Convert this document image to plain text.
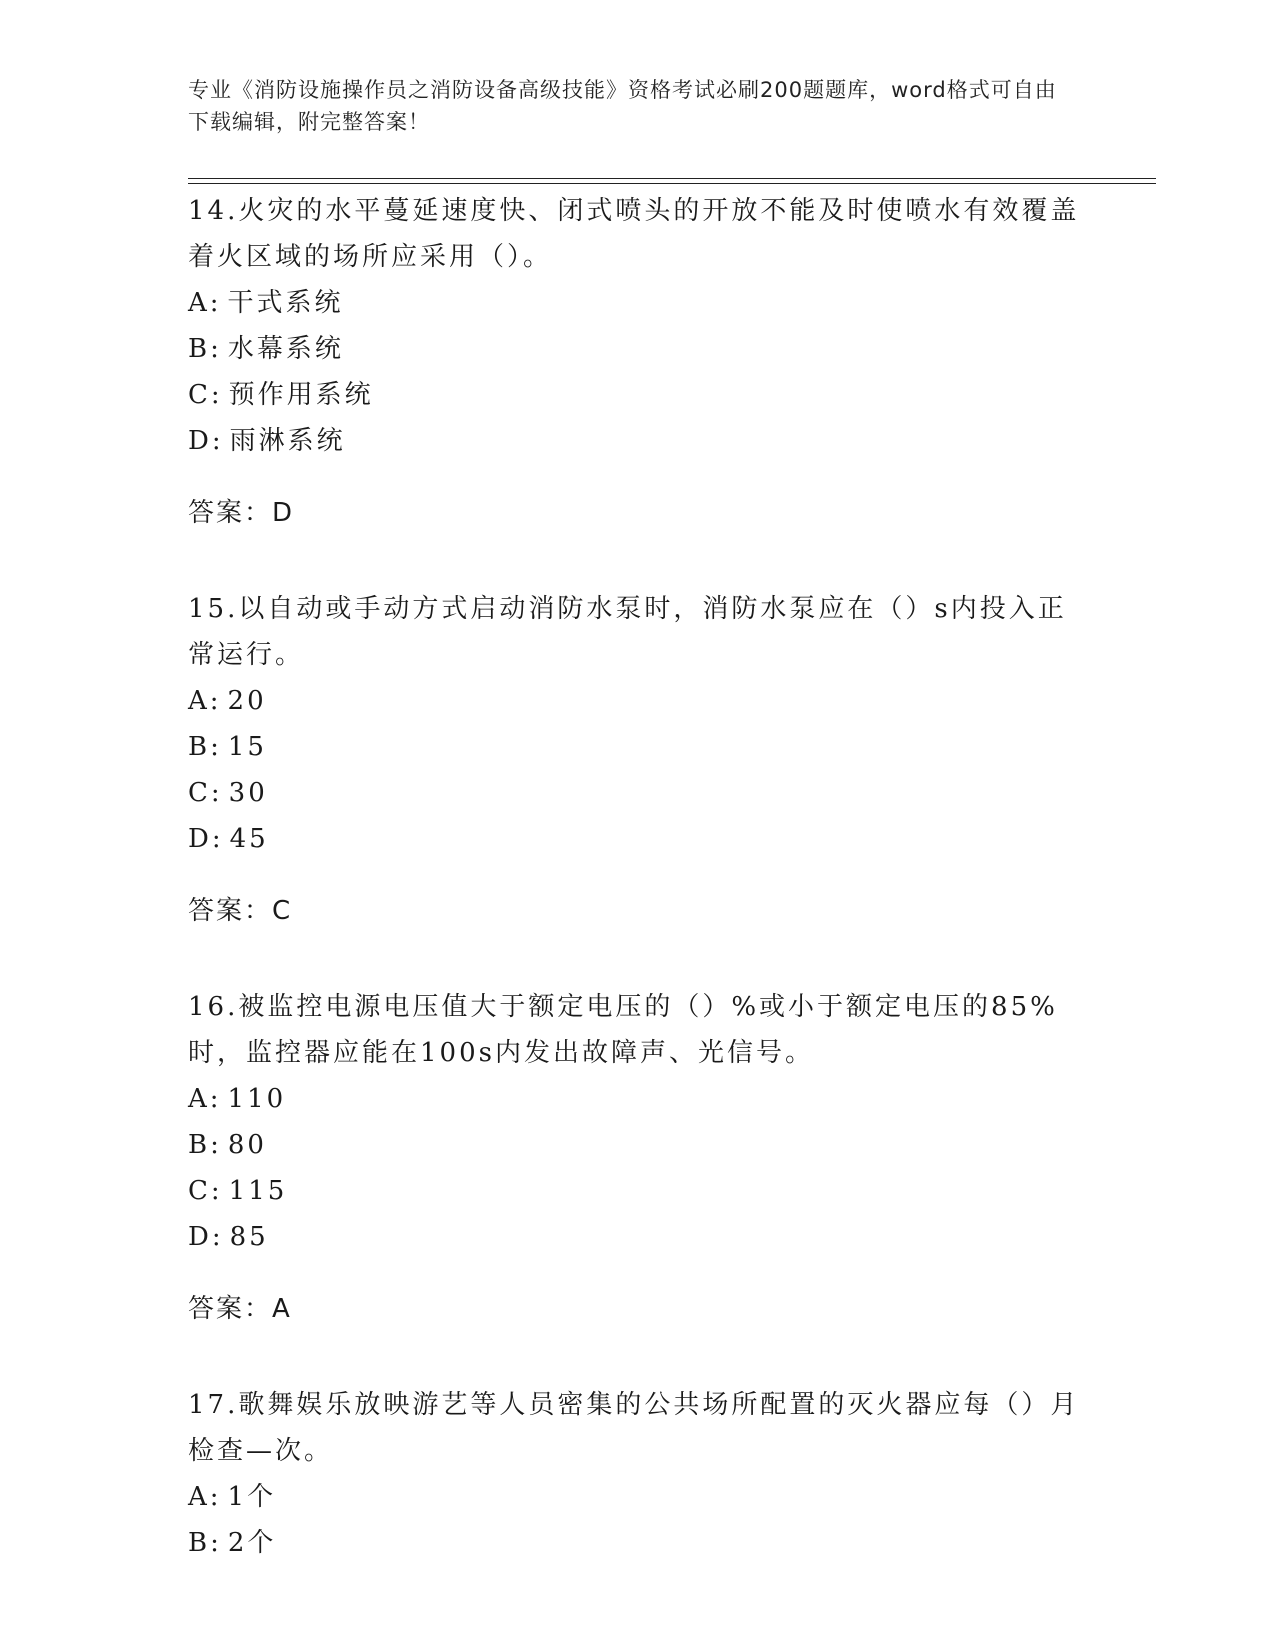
专业《消防设施操作员之消防设备高级技能》资格考试必刷200题题库，word格式可自由下载编辑，附完整答案！

14.火灾的水平蔓延速度快、闭式喷头的开放不能及时使喷水有效覆盖着火区域的场所应采用（）。

A: 干式系统

B: 水幕系统

C: 预作用系统

D: 雨淋系统

答案：D

15.以自动或手动方式启动消防水泵时，消防水泵应在（）s内投入正常运行。

A: 20

B: 15

C: 30

D: 45

答案：C

16.被监控电源电压值大于额定电压的（）%或小于额定电压的85%时，监控器应能在100s内发出故障声、光信号。

A: 110

B: 80

C: 115

D: 85

答案：A

17.歌舞娱乐放映游艺等人员密集的公共场所配置的灭火器应每（）月检查—次。

A: 1个

B: 2个
